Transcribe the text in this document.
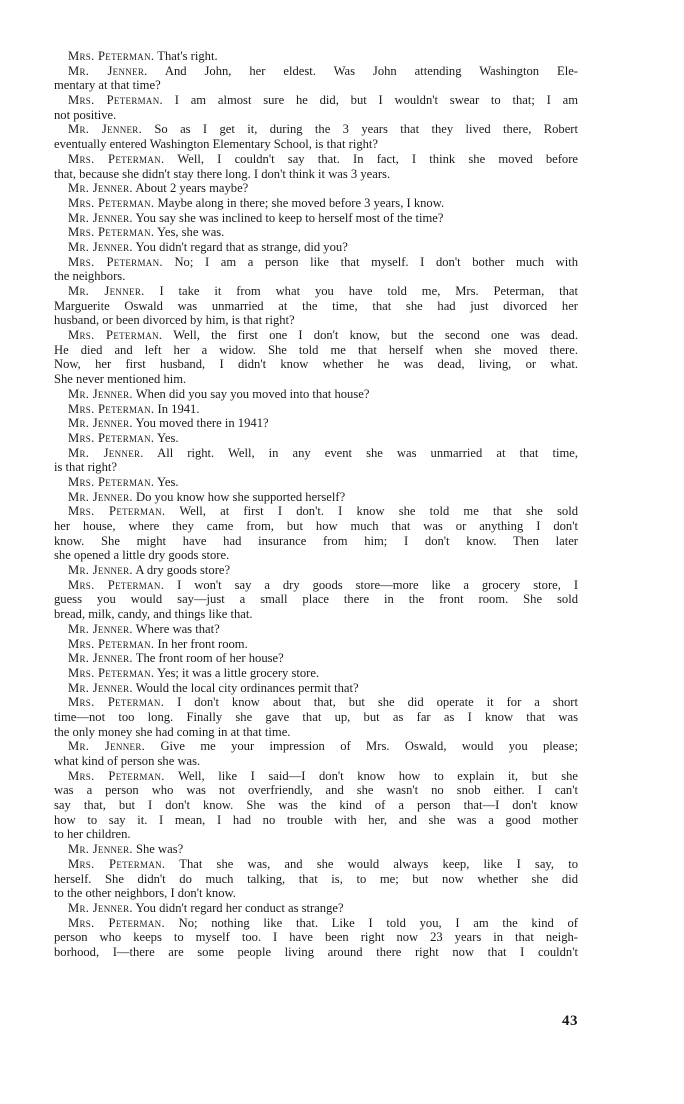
Mrs. Peterman. That's right.
Mr. Jenner. And John, her eldest. Was John attending Washington Ele-
mentary at that time?
Mrs. Peterman. I am almost sure he did, but I wouldn't swear to that; I am
not positive.
Mr. Jenner. So as I get it, during the 3 years that they lived there, Robert
eventually entered Washington Elementary School, is that right?
Mrs. Peterman. Well, I couldn't say that. In fact, I think she moved before
that, because she didn't stay there long. I don't think it was 3 years.
Mr. Jenner. About 2 years maybe?
Mrs. Peterman. Maybe along in there; she moved before 3 years, I know.
Mr. Jenner. You say she was inclined to keep to herself most of the time?
Mrs. Peterman. Yes, she was.
Mr. Jenner. You didn't regard that as strange, did you?
Mrs. Peterman. No; I am a person like that myself. I don't bother much with
the neighbors.
Mr. Jenner. I take it from what you have told me, Mrs. Peterman, that
Marguerite Oswald was unmarried at the time, that she had just divorced her
husband, or been divorced by him, is that right?
Mrs. Peterman. Well, the first one I don't know, but the second one was dead.
He died and left her a widow. She told me that herself when she moved there.
Now, her first husband, I didn't know whether he was dead, living, or what.
She never mentioned him.
Mr. Jenner. When did you say you moved into that house?
Mrs. Peterman. In 1941.
Mr. Jenner. You moved there in 1941?
Mrs. Peterman. Yes.
Mr. Jenner. All right. Well, in any event she was unmarried at that time,
is that right?
Mrs. Peterman. Yes.
Mr. Jenner. Do you know how she supported herself?
Mrs. Peterman. Well, at first I don't. I know she told me that she sold
her house, where they came from, but how much that was or anything I don't
know. She might have had insurance from him; I don't know. Then later
she opened a little dry goods store.
Mr. Jenner. A dry goods store?
Mrs. Peterman. I won't say a dry goods store—more like a grocery store, I
guess you would say—just a small place there in the front room. She sold
bread, milk, candy, and things like that.
Mr. Jenner. Where was that?
Mrs. Peterman. In her front room.
Mr. Jenner. The front room of her house?
Mrs. Peterman. Yes; it was a little grocery store.
Mr. Jenner. Would the local city ordinances permit that?
Mrs. Peterman. I don't know about that, but she did operate it for a short
time—not too long. Finally she gave that up, but as far as I know that was
the only money she had coming in at that time.
Mr. Jenner. Give me your impression of Mrs. Oswald, would you please;
what kind of person she was.
Mrs. Peterman. Well, like I said—I don't know how to explain it, but she
was a person who was not overfriendly, and she wasn't no snob either. I can't
say that, but I don't know. She was the kind of a person that—I don't know
how to say it. I mean, I had no trouble with her, and she was a good mother
to her children.
Mr. Jenner. She was?
Mrs. Peterman. That she was, and she would always keep, like I say, to
herself. She didn't do much talking, that is, to me; but now whether she did
to the other neighbors, I don't know.
Mr. Jenner. You didn't regard her conduct as strange?
Mrs. Peterman. No; nothing like that. Like I told you, I am the kind of
person who keeps to myself too. I have been right now 23 years in that neigh-
borhood, I—there are some people living around there right now that I couldn't
43
